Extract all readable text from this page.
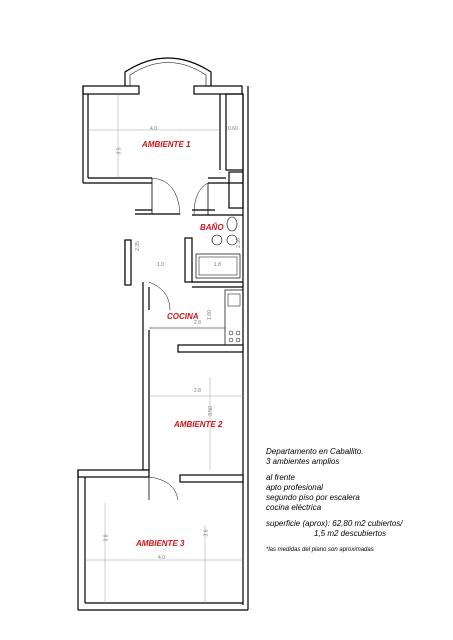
AMBIENTE 1
BAÑO
COCINA
AMBIENTE 2
AMBIENTE 3
4.0	0.60
3.5
1.0
2.35
1.8
2.30
2.8
1.60
2.8
3.50
4.0
3.8
3.6
Departamento en Caballito.
3 ambientes amplios
al frente
apto profesional
segundo piso por escalera
cocina eléctrica
superficie (aprox): 62,80 m2 cubiertos/
1,5 m2 descubiertos
*las medidas del plano son aproximadas
